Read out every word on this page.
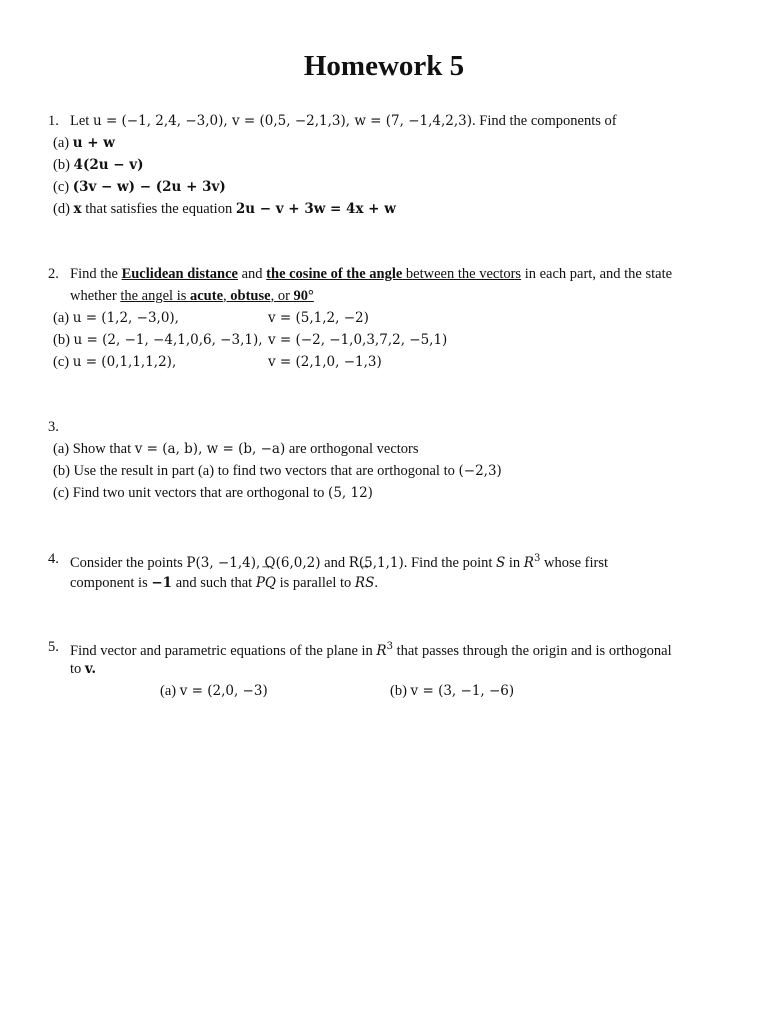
Homework 5
1. Let u = (−1, 2,4, −3,0), v = (0,5, −2,1,3), w = (7, −1,4,2,3). Find the components of
(a) u + w
(b) 4(2u − v)
(c) (3v − w) − (2u + 3v)
(d) x that satisfies the equation 2u − v + 3w = 4x + w
2. Find the Euclidean distance and the cosine of the angle between the vectors in each part, and the state
whether the angel is acute, obtuse, or 90°
(a) u = (1,2, −3,0),	v = (5,1,2, −2)
(b) u = (2, −1, −4,1,0,6, −3,1), v = (−2, −1,0,3,7,2, −5,1)
(c) u = (0,1,1,1,2),	v = (2,1,0, −1,3)
3.
(a) Show that v = (a, b), w = (b, −a) are orthogonal vectors
(b) Use the result in part (a) to find two vectors that are orthogonal to (−2,3)
(c) Find two unit vectors that are orthogonal to (5, 12)
4. Consider the points P(3, −1,4), Q(6,0,2) and R(5,1,1). Find the point S in $R^3$ whose first
component is −1 and such that → PQ is parallel to → RS.
5. Find vector and parametric equations of the plane in $R^3$ that passes through the origin and is orthogonal
to v.
(a) v = (2,0, −3)	(b) v = (3, −1, −6)
